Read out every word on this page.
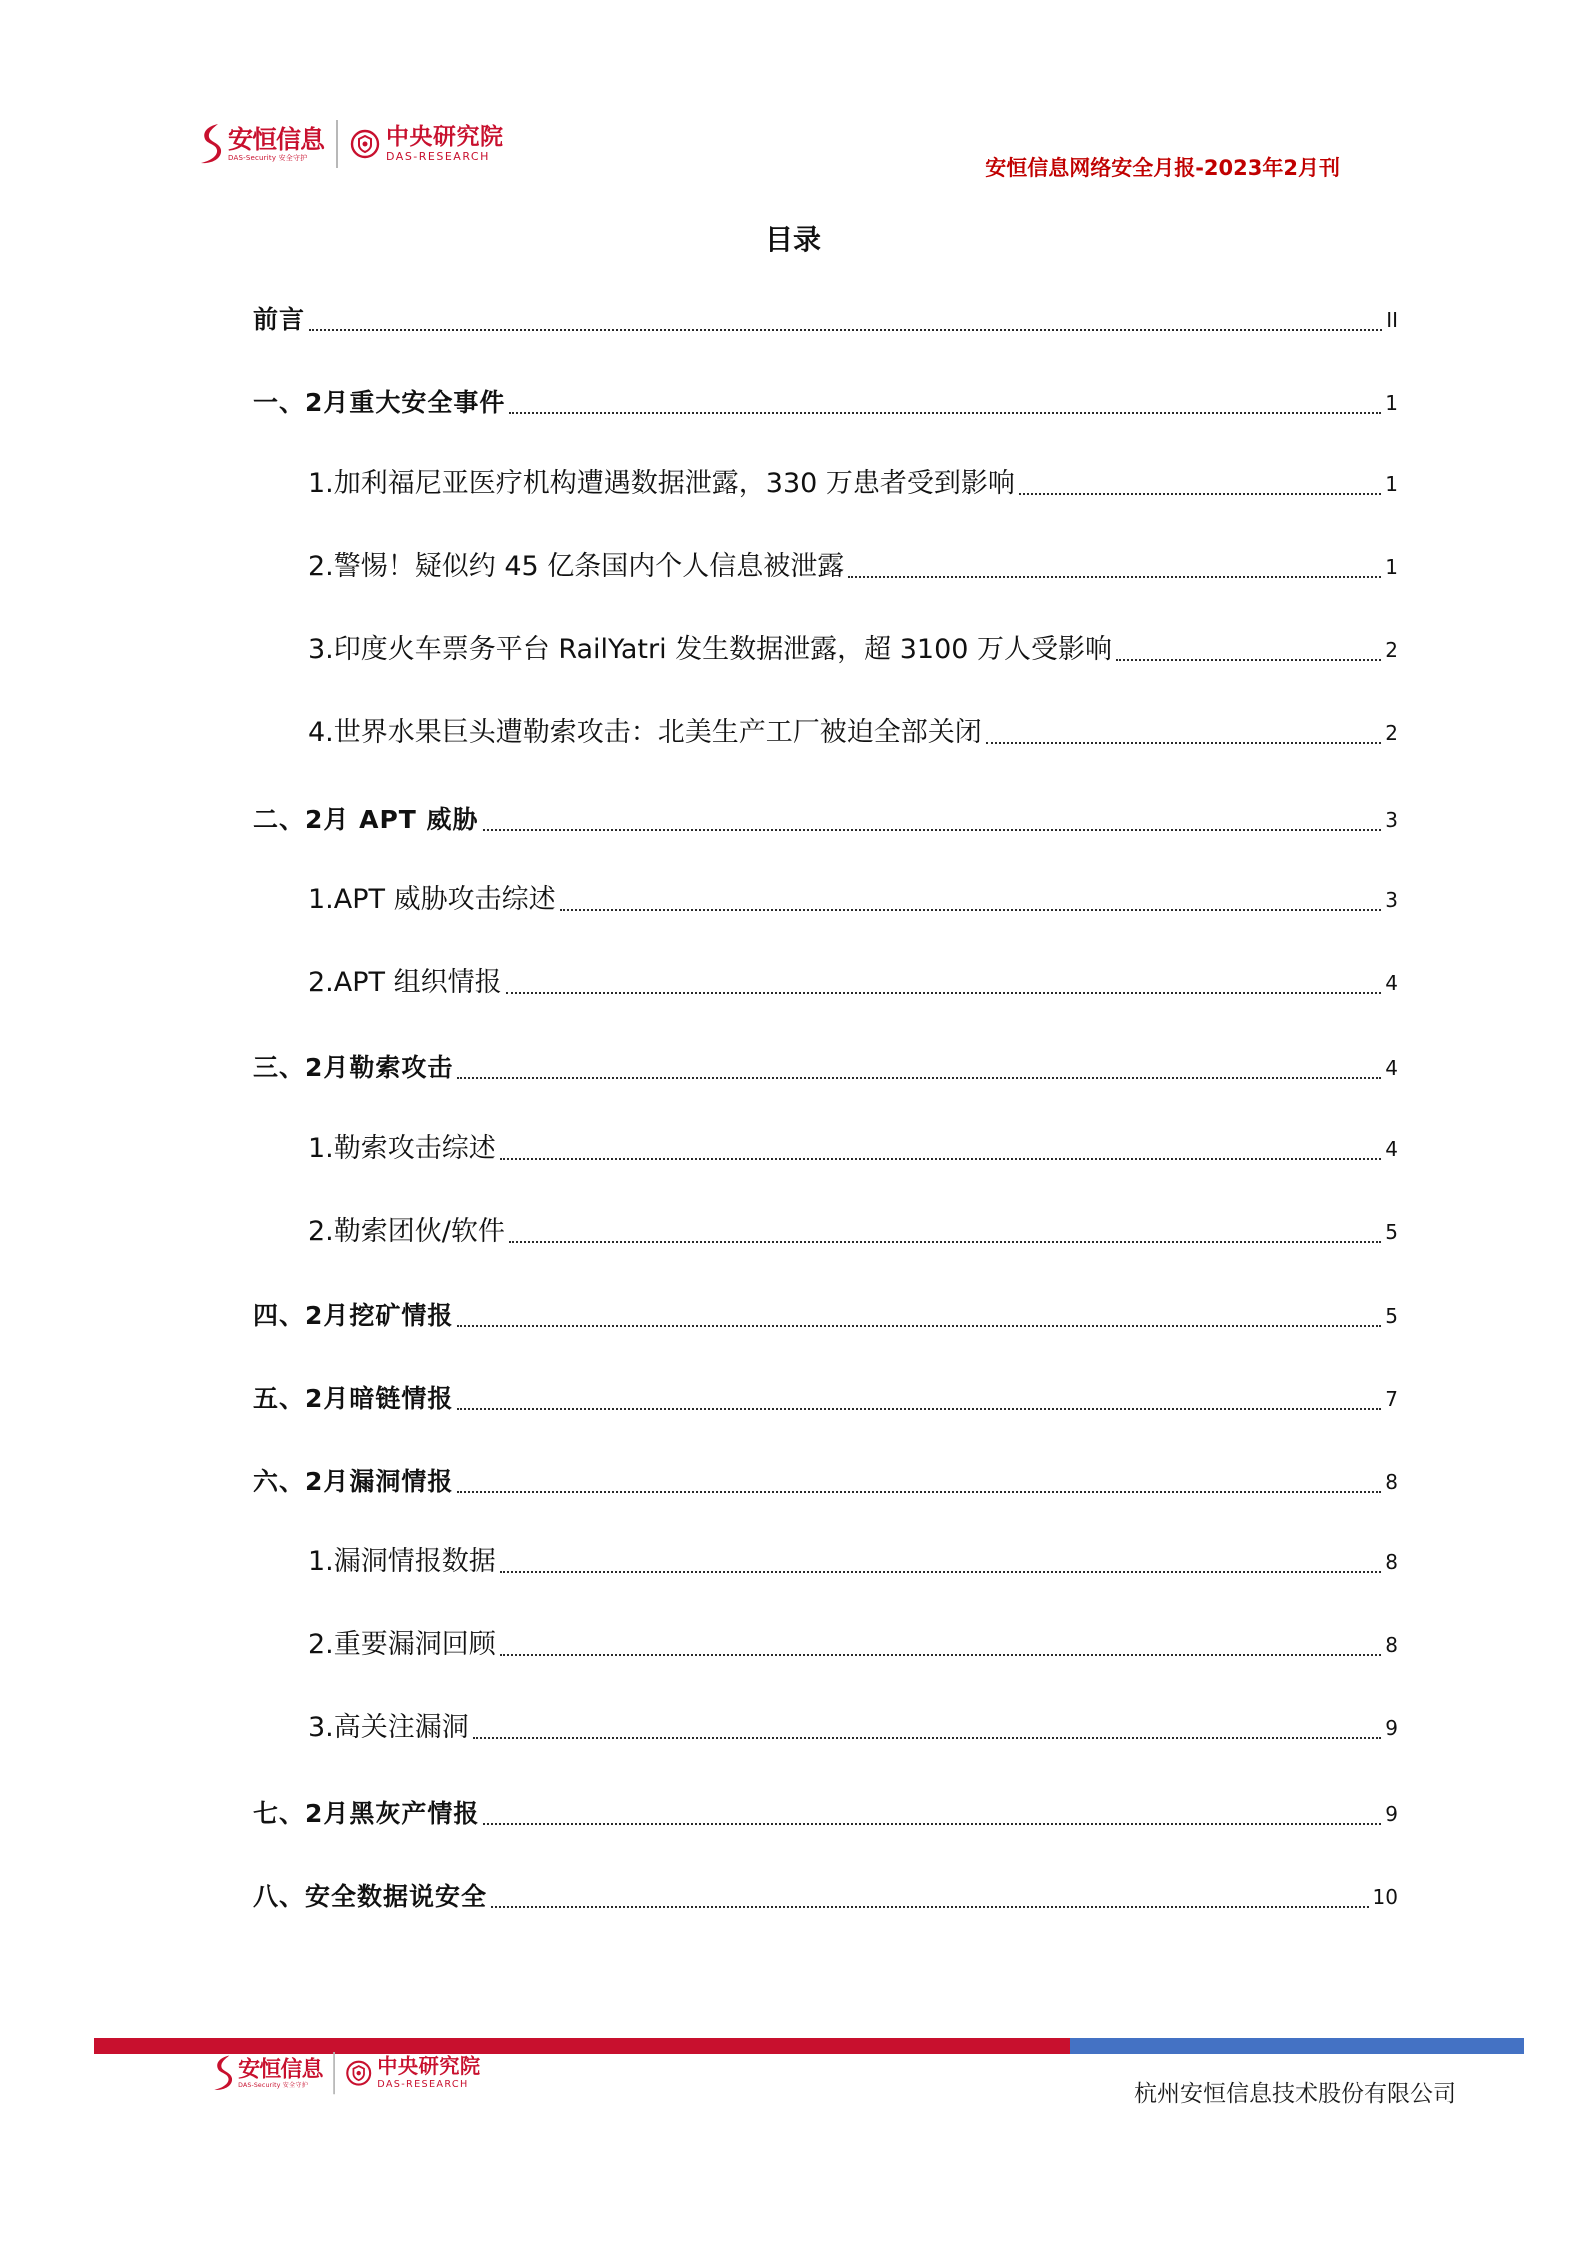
安恒信息
DAS-Security 安全守护
中央研究院
DAS-RESEARCH	安恒信息网络安全月报-2023年2月刊
目录
前言	II
一、2月重大安全事件	1
1.加利福尼亚医疗机构遭遇数据泄露，330 万患者受到影响	1
2.警惕！疑似约 45 亿条国内个人信息被泄露	1
3.印度火车票务平台 RailYatri 发生数据泄露，超 3100 万人受影响	2
4.世界水果巨头遭勒索攻击：北美生产工厂被迫全部关闭	2
二、2月 APT 威胁	3
1.APT 威胁攻击综述	3
2.APT 组织情报	4
三、2月勒索攻击	4
1.勒索攻击综述	4
2.勒索团伙/软件	5
四、2月挖矿情报	5
五、2月暗链情报	7
六、2月漏洞情报	8
1.漏洞情报数据	8
2.重要漏洞回顾	8
3.高关注漏洞	9
七、2月黑灰产情报	9
八、安全数据说安全	10
安恒信息
DAS-Security 安全守护
中央研究院
DAS-RESEARCH	杭州安恒信息技术股份有限公司
